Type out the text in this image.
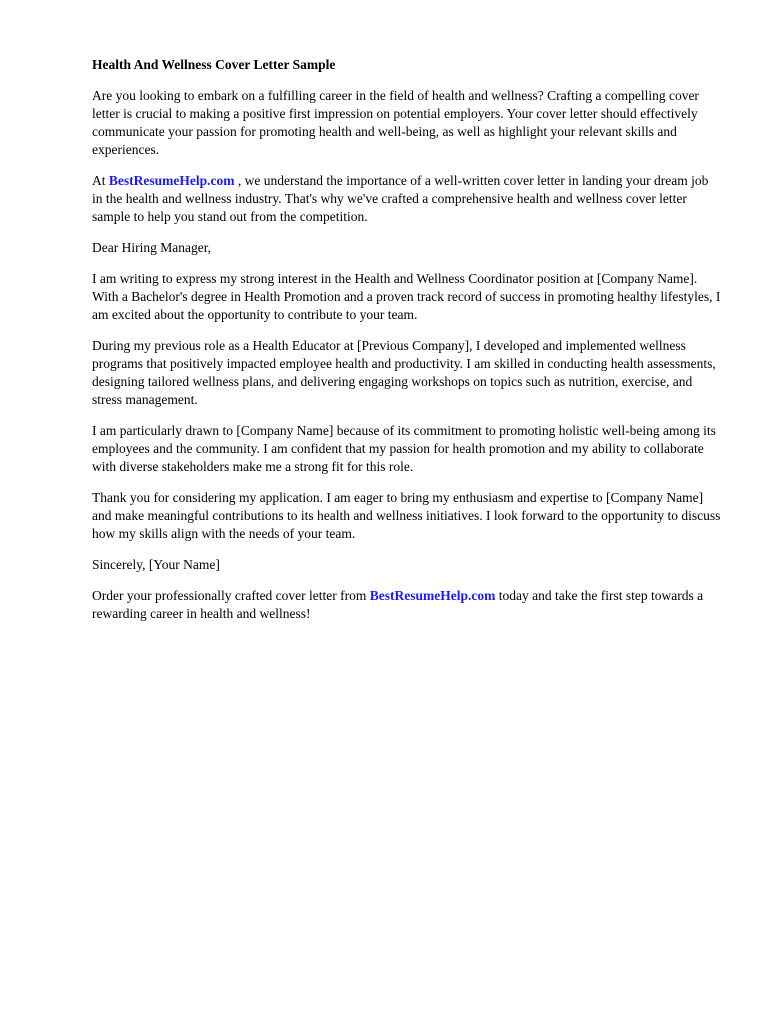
Health And Wellness Cover Letter Sample

Are you looking to embark on a fulfilling career in the field of health and wellness? Crafting a compelling cover letter is crucial to making a positive first impression on potential employers. Your cover letter should effectively communicate your passion for promoting health and well-being, as well as highlight your relevant skills and experiences.

At BestResumeHelp.com , we understand the importance of a well-written cover letter in landing your dream job in the health and wellness industry. That's why we've crafted a comprehensive health and wellness cover letter sample to help you stand out from the competition.

Dear Hiring Manager,

I am writing to express my strong interest in the Health and Wellness Coordinator position at [Company Name]. With a Bachelor's degree in Health Promotion and a proven track record of success in promoting healthy lifestyles, I am excited about the opportunity to contribute to your team.

During my previous role as a Health Educator at [Previous Company], I developed and implemented wellness programs that positively impacted employee health and productivity. I am skilled in conducting health assessments, designing tailored wellness plans, and delivering engaging workshops on topics such as nutrition, exercise, and stress management.

I am particularly drawn to [Company Name] because of its commitment to promoting holistic well-being among its employees and the community. I am confident that my passion for health promotion and my ability to collaborate with diverse stakeholders make me a strong fit for this role.

Thank you for considering my application. I am eager to bring my enthusiasm and expertise to [Company Name] and make meaningful contributions to its health and wellness initiatives. I look forward to the opportunity to discuss how my skills align with the needs of your team.

Sincerely, [Your Name]

Order your professionally crafted cover letter from BestResumeHelp.com today and take the first step towards a rewarding career in health and wellness!
